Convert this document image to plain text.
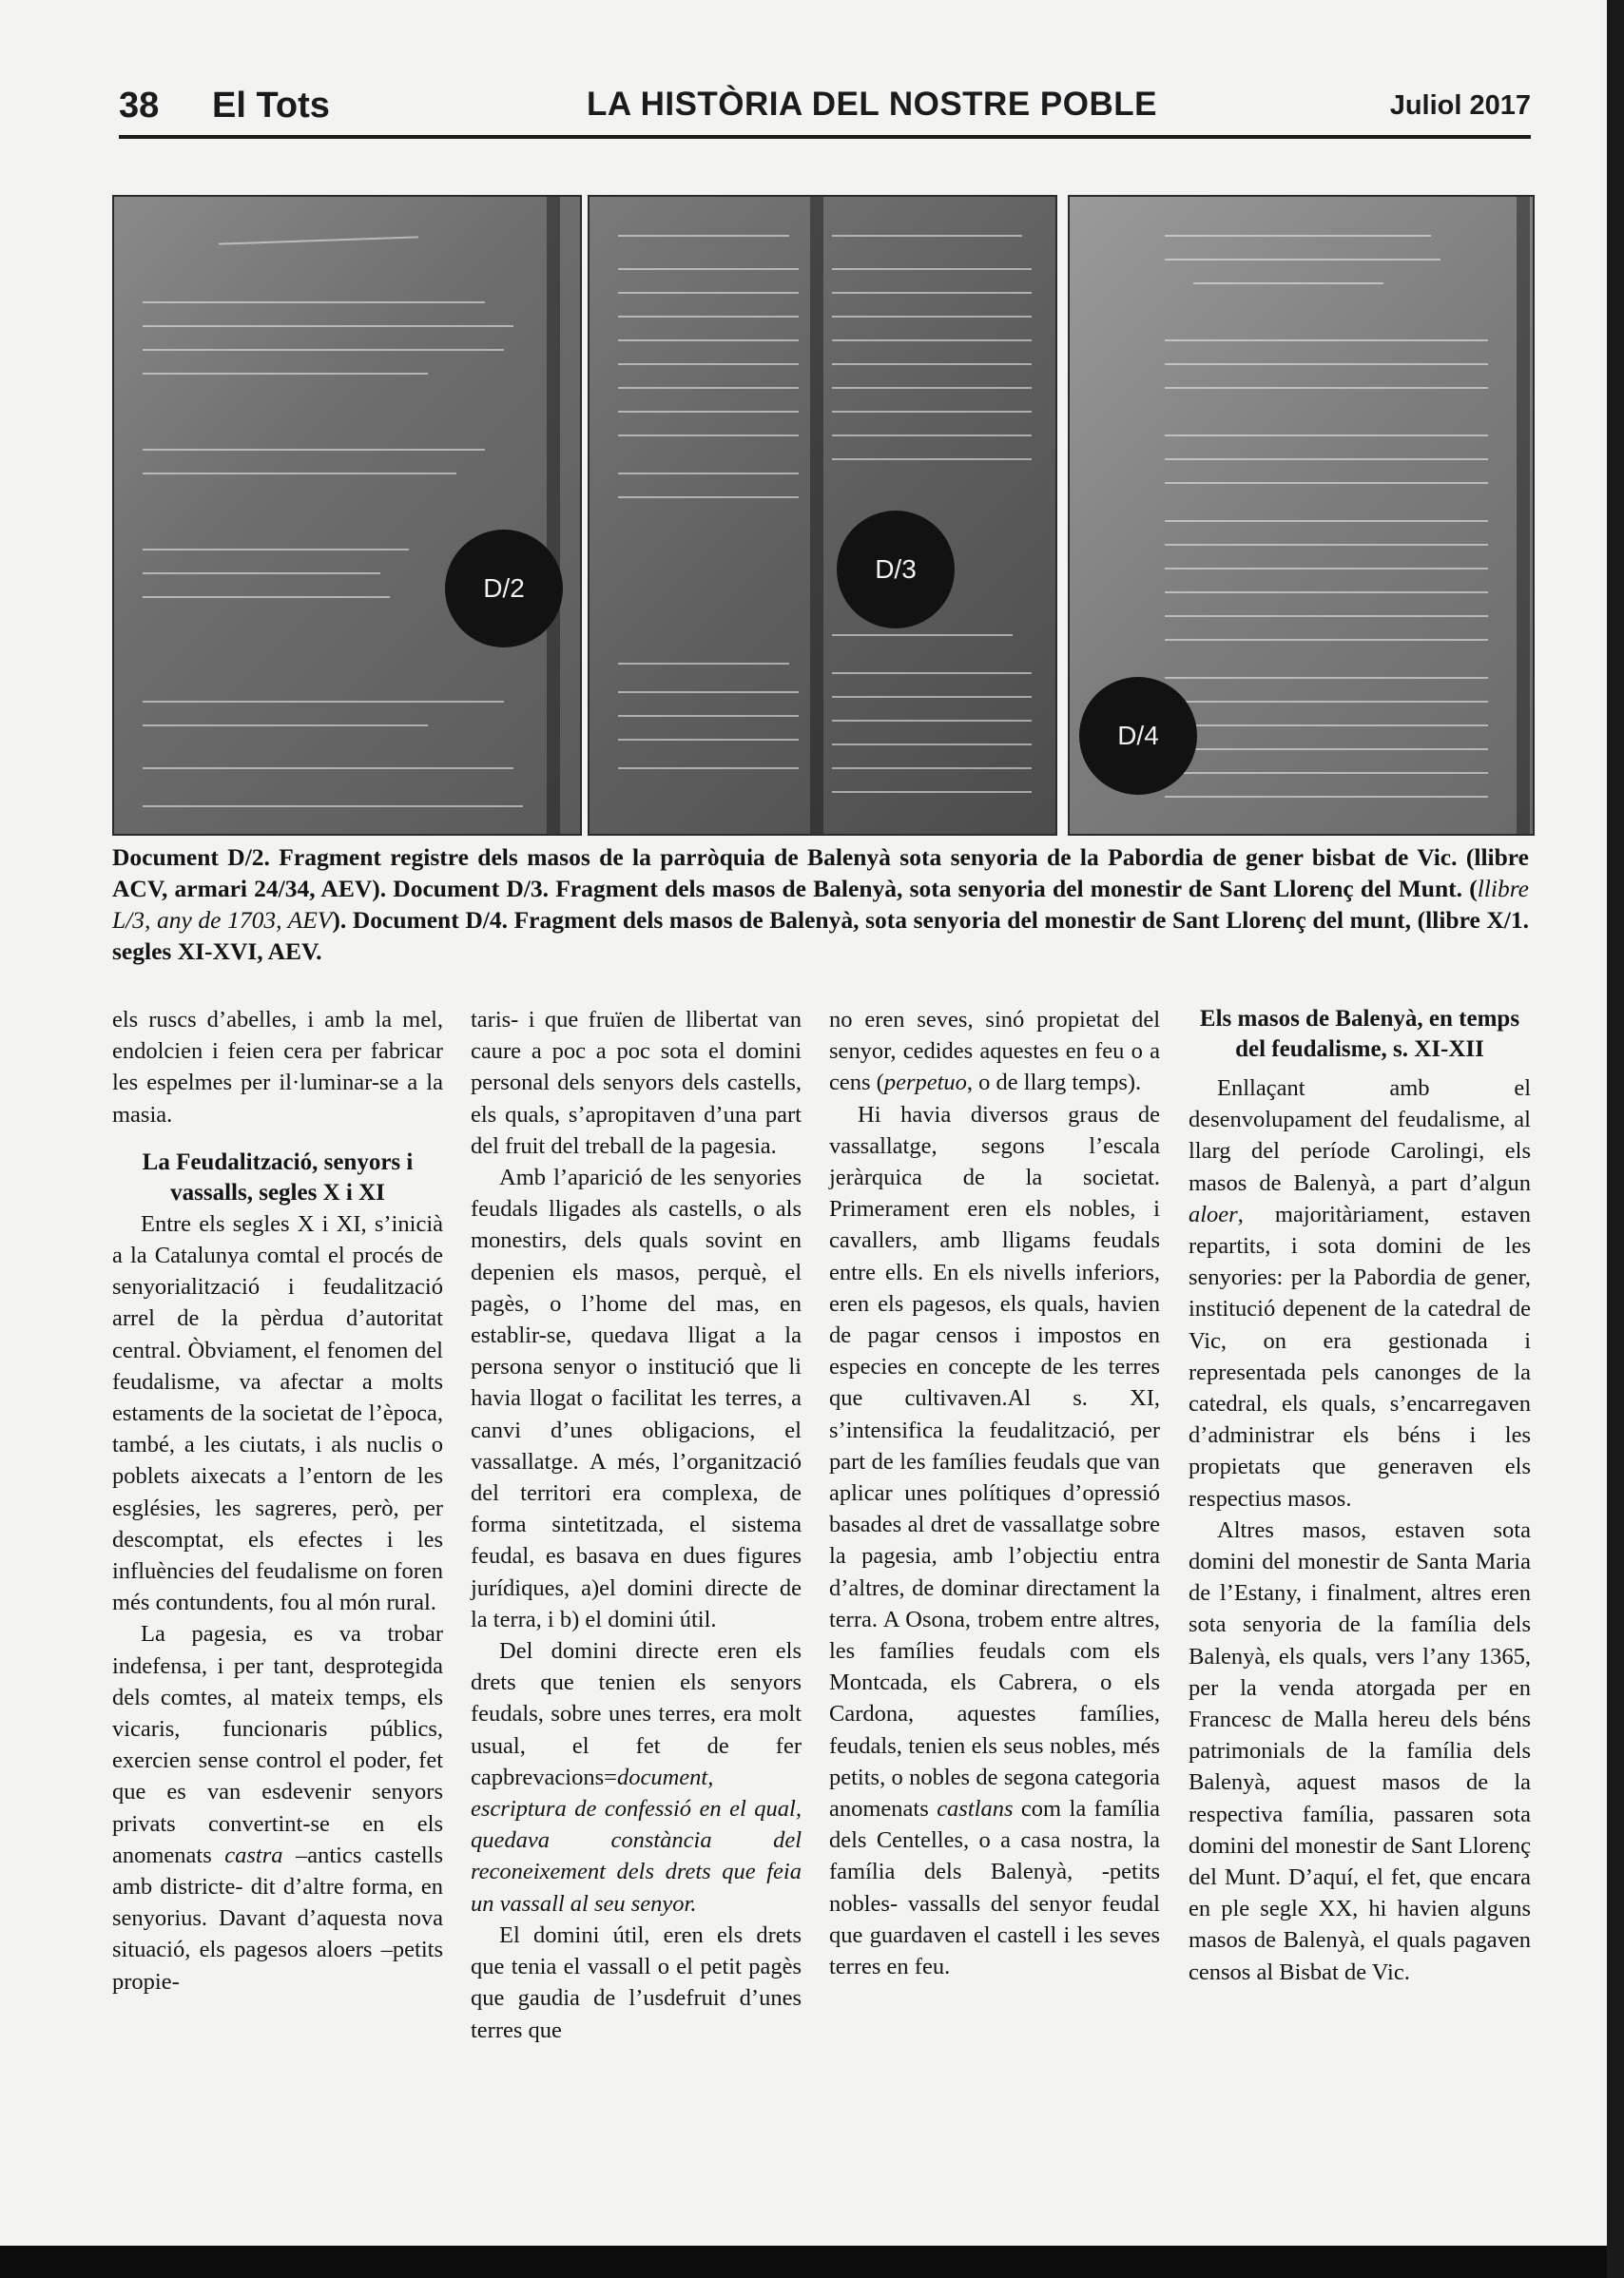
38 El Tots	LA HISTÒRIA DEL NOSTRE POBLE	Juliol 2017
D/2
D/3
D/4
Document D/2. Fragment registre dels masos de la parròquia de Balenyà sota senyoria de la Pabordia de gener bisbat de Vic. (llibre ACV, armari 24/34, AEV). Document D/3. Fragment dels masos de Balenyà, sota senyoria del monestir de Sant Llorenç del Munt. (llibre L/3, any de 1703, AEV). Document D/4. Fragment dels masos de Balenyà, sota senyoria del monestir de Sant Llorenç del munt, (llibre X/1. segles XI-XVI, AEV.

els ruscs d’abelles, i amb la mel, endolcien i feien cera per fabricar les espelmes per il·luminar-se a la masia.

La Feudalització, senyors i vassalls, segles X i XI

Entre els segles X i XI, s’inicià a la Catalunya comtal el procés de senyorialització i feudalització arrel de la pèrdua d’autoritat central. Òbviament, el fenomen del feudalisme, va afectar a molts estaments de la societat de l’època, també, a les ciutats, i als nuclis o poblets aixecats a l’entorn de les esglésies, les sagreres, però, per descomptat, els efectes i les influències del feudalisme on foren més contundents, fou al món rural.

La pagesia, es va trobar indefensa, i per tant, desprotegida dels comtes, al mateix temps, els vicaris, funcionaris públics, exercien sense control el poder, fet que es van esdevenir senyors privats convertint-se en els anomenats castra –antics castells amb districte- dit d’altre forma, en senyorius. Davant d’aquesta nova situació, els pagesos aloers –petits propie-

taris- i que fruïen de llibertat van caure a poc a poc sota el domini personal dels senyors dels castells, els quals, s’apropitaven d’una part del fruit del treball de la pagesia.

Amb l’aparició de les senyories feudals lligades als castells, o als monestirs, dels quals sovint en depenien els masos, perquè, el pagès, o l’home del mas, en establir-se, quedava lligat a la persona senyor o institució que li havia llogat o facilitat les terres, a canvi d’unes obligacions, el vassallatge. A més, l’organització del territori era complexa, de forma sintetitzada, el sistema feudal, es basava en dues figures jurídiques, a)el domini directe de la terra, i b) el domini útil.

Del domini directe eren els drets que tenien els senyors feudals, sobre unes terres, era molt usual, el fet de fer capbrevacions=document, escriptura de confessió en el qual, quedava constància del reconeixement dels drets que feia un vassall al seu senyor.

El domini útil, eren els drets que tenia el vassall o el petit pagès que gaudia de l’usdefruit d’unes terres que

no eren seves, sinó propietat del senyor, cedides aquestes en feu o a cens (perpetuo, o de llarg temps).

Hi havia diversos graus de vassallatge, segons l’escala jeràrquica de la societat. Primerament eren els nobles, i cavallers, amb lligams feudals entre ells. En els nivells inferiors, eren els pagesos, els quals, havien de pagar censos i impostos en especies en concepte de les terres que cultivaven.Al s. XI, s’intensifica la feudalització, per part de les famílies feudals que van aplicar unes polítiques d’opressió basades al dret de vassallatge sobre la pagesia, amb l’objectiu entra d’altres, de dominar directament la terra. A Osona, trobem entre altres, les famílies feudals com els Montcada, els Cabrera, o els Cardona, aquestes famílies, feudals, tenien els seus nobles, més petits, o nobles de segona categoria anomenats castlans com la família dels Centelles, o a casa nostra, la família dels Balenyà, -petits nobles- vassalls del senyor feudal que guardaven el castell i les seves terres en feu.

Els masos de Balenyà, en temps del feudalisme, s. XI-XII

Enllaçant amb el desenvolupament del feudalisme, al llarg del període Carolingi, els masos de Balenyà, a part d’algun aloer, majoritàriament, estaven repartits, i sota domini de les senyories: per la Pabordia de gener, institució depenent de la catedral de Vic, on era gestionada i representada pels canonges de la catedral, els quals, s’encarregaven d’administrar els béns i les propietats que generaven els respectius masos.

Altres masos, estaven sota domini del monestir de Santa Maria de l’Estany, i finalment, altres eren sota senyoria de la família dels Balenyà, els quals, vers l’any 1365, per la venda atorgada per en Francesc de Malla hereu dels béns patrimonials de la família dels Balenyà, aquest masos de la respectiva família, passaren sota domini del monestir de Sant Llorenç del Munt. D’aquí, el fet, que encara en ple segle XX, hi havien alguns masos de Balenyà, el quals pagaven censos al Bisbat de Vic.
